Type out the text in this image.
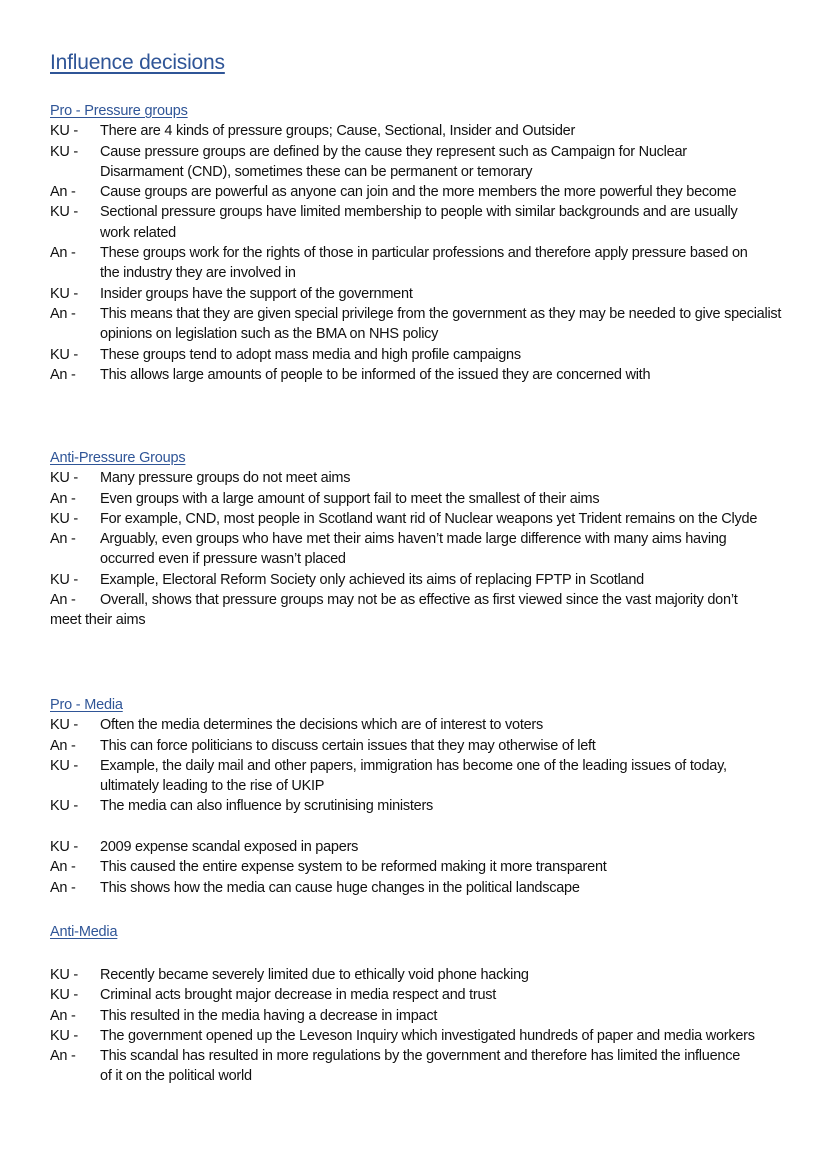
Influence decisions
Pro - Pressure groups
KU -	There are 4 kinds of pressure groups; Cause, Sectional, Insider and Outsider
KU -	Cause pressure groups are defined by the cause they represent such as Campaign for Nuclear Disarmament (CND), sometimes these can be permanent or temorary
An -	Cause groups are powerful as anyone can join and the more members the more powerful they become
KU -	Sectional pressure groups have limited membership to people with similar backgrounds and are usually work related
An -	These groups work for the rights of those in particular professions and therefore apply pressure based on the industry they are involved in
KU -	Insider groups have the support of the government
An -	This means that they are given special privilege from the government as they may be needed to give specialist opinions on legislation such as the BMA on NHS policy
KU -	These groups tend to adopt mass media and high profile campaigns
An -	This allows large amounts of people to be informed of the issued they are concerned with
Anti-Pressure Groups
KU -	Many pressure groups do not meet aims
An -	Even groups with a large amount of support fail to meet the smallest of their aims
KU -	For example, CND, most people in Scotland want rid of Nuclear weapons yet Trident remains on the Clyde
An -	Arguably, even groups who have met their aims haven’t made large difference with many aims having occurred even if pressure wasn’t placed
KU -	Example, Electoral Reform Society only achieved its aims of replacing FPTP in Scotland
An - Overall, shows that pressure groups may not be as effective as first viewed since the vast majority don’t meet their aims
Pro - Media
KU -	Often the media determines the decisions which are of interest to voters
An -	This can force politicians to discuss certain issues that they may otherwise of left
KU -	Example, the daily mail and other papers, immigration has become one of the leading issues of today, ultimately leading to the rise of UKIP
KU -	The media can also influence by scrutinising ministers
KU -	2009 expense scandal exposed in papers
An -	This caused the entire expense system to be reformed making it more transparent
An -	This shows how the media can cause huge changes in the political landscape
Anti-Media
KU -	Recently became severely limited due to ethically void phone hacking
KU -	Criminal acts brought major decrease in media respect and trust
An -	This resulted in the media having a decrease in impact
KU -	The government opened up the Leveson Inquiry which investigated hundreds of paper and media workers
An -	This scandal has resulted in more regulations by the government and therefore has limited the influence of it on the political world
